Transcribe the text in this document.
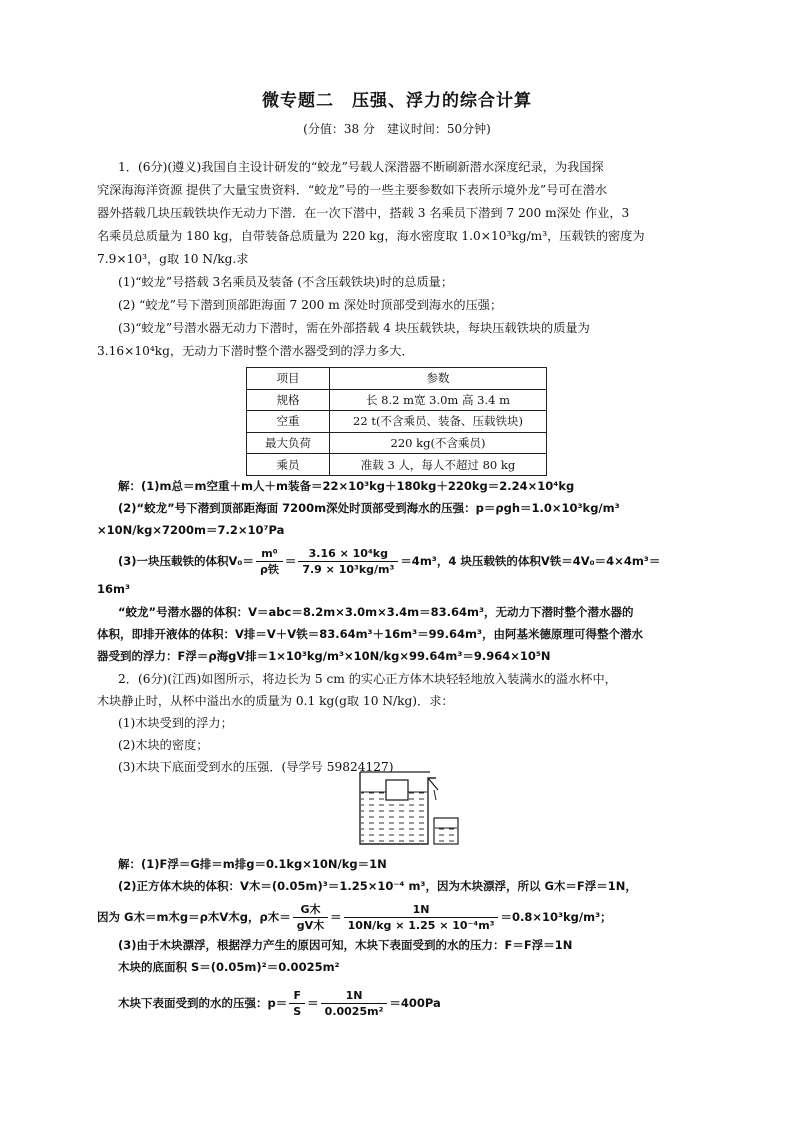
微专题二　压强、浮力的综合计算
(分值：38 分　建议时间：50分钟)
1．(6分)(遵义)我国自主设计研发的“蛟龙”号载人深潜器不断刷新潜水深度纪录，为我国探
究深海海洋资源 提供了大量宝贵资料．“蛟龙”号的一些主要参数如下表所示境外龙”号可在潜水
器外搭载几块压载铁块作无动力下潜．在一次下潜中，搭载 3 名乘员下潜到 7 200 m深处 作业，3
名乘员总质量为 180 kg，自带装备总质量为 220 kg，海水密度取 1.0×10³kg/m³，压载铁的密度为
7.9×10³，g取 10 N/kg.求
(1)“蛟龙”号搭载 3名乘员及装备 (不含压载铁块)时的总质量；
(2) “蛟龙”号下潜到顶部距海面 7 200 m 深处时顶部受到海水的压强；
(3)“蛟龙”号潜水器无动力下潜时，需在外部搭载 4 块压载铁块，每块压载铁块的质量为
3.16×10⁴kg，无动力下潜时整个潜水器受到的浮力多大．
项目	参数
规格	长 8.2 m宽 3.0m 高 3.4 m
空重	22 t(不含乘员、装备、压载铁块)
最大负荷	220 kg(不含乘员)
乘员	准载 3 人，每人不超过 80 kg
解：(1)m总＝m空重＋m人＋m装备＝22×10³kg＋180kg＋220kg＝2.24×10⁴kg
(2)“蛟龙”号下潜到顶部距海面 7200m深处时顶部受到海水的压强：p＝ρgh＝1.0×10³kg/m³
×10N/kg×7200m＝7.2×10⁷Pa
(3)一块压载铁的体积$V_0= \frac{\text{m⁰}}{\text{ρ铁}} = \frac{\text{3.16 × 10⁴kg}}{\text{7.9 × 10³kg/m³}} =4m^3$，4 块压载铁的体积V铁＝4V₀＝4×4m³＝
16m³
“蛟龙”号潜水器的体积：V＝abc＝8.2m×3.0m×3.4m＝83.64m³，无动力下潜时整个潜水器的
体积，即排开液体的体积：V排＝V＋V铁＝83.64m³＋16m³＝99.64m³，由阿基米德原理可得整个潜水
器受到的浮力：F浮＝ρ海gV排＝1×10³kg/m³×10N/kg×99.64m³＝9.964×10⁵N
2．(6分)(江西)如图所示，将边长为 5 cm 的实心正方体木块轻轻地放入装满水的溢水杯中，
木块静止时，从杯中溢出水的质量为 0.1 kg(g取 10 N/kg)．求：
(1)木块受到的浮力；
(2)木块的密度；
(3)木块下底面受到水的压强．(导学号 59824127)
解：(1)F浮＝G排＝m排g＝0.1kg×10N/kg＝1N
(2)正方体木块的体积：V木＝(0.05m)³＝1.25×10⁻⁴ m³，因为木块漂浮，所以 G木＝F浮＝1N，
因为 G木＝m木g＝ρ木V木g，ρ木＝ $\frac{\text{G木}}{\text{gV木}} = \frac{1N}{\text{10N/kg × 1.25 × 10⁻⁴m³}} =0.8\times 10^3kg/m^3$；
(3)由于木块漂浮，根据浮力产生的原因可知，木块下表面受到的水的压力：F＝F浮＝1N
木块的底面积 S＝(0.05m)²＝0.0025m²
木块下表面受到的水的压强：$p= \frac{F}{S} = \frac{1N}{\text{0.0025m²}} =400Pa$
